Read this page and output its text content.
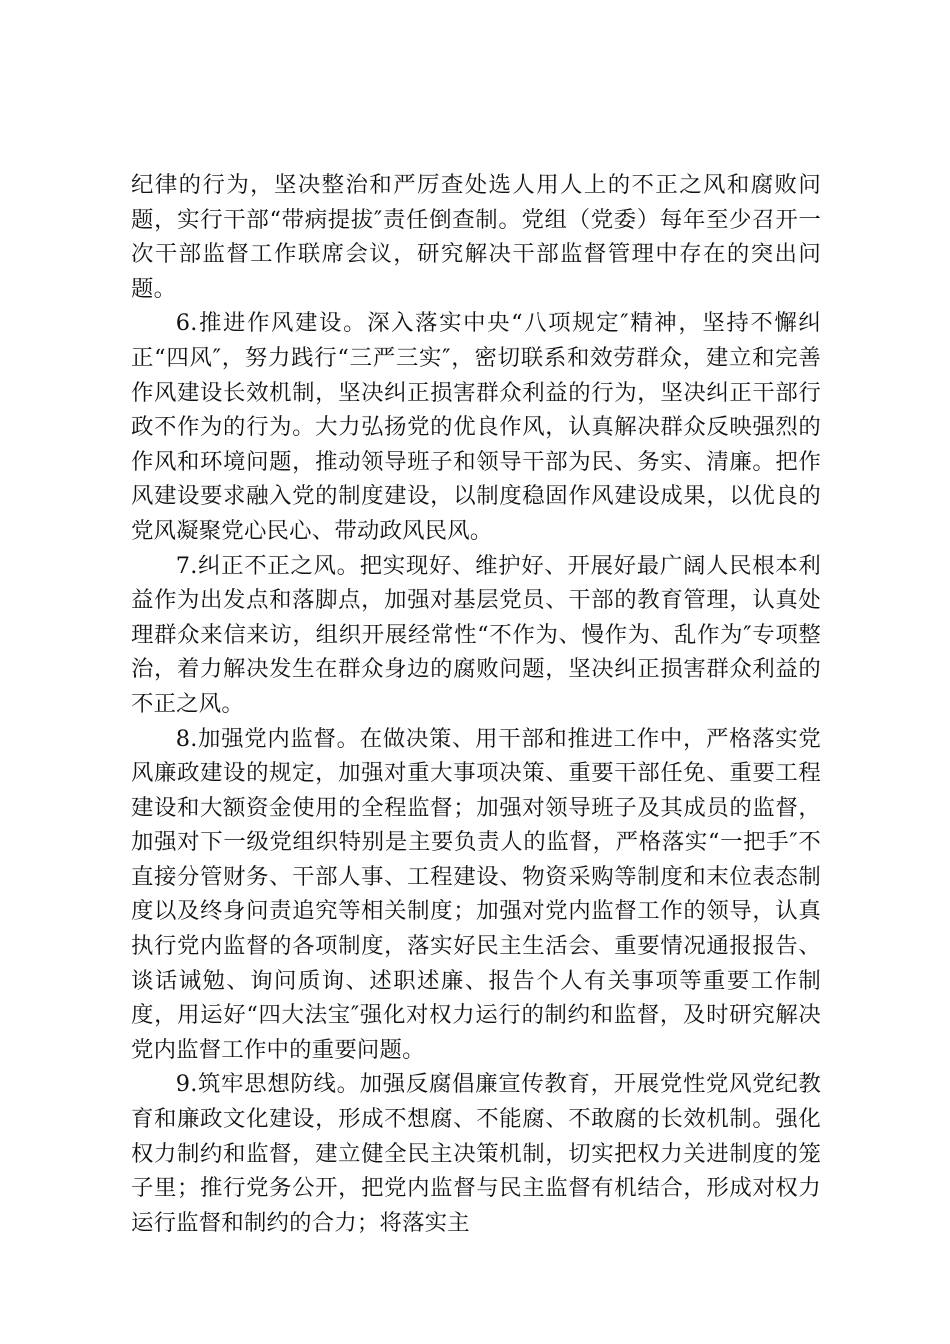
纪律的行为，坚决整治和严厉查处选人用人上的不正之风和腐败问题，实行干部“带病提拔″责任倒查制。党组（党委）每年至少召开一次干部监督工作联席会议，研究解决干部监督管理中存在的突出问题。

6.推进作风建设。深入落实中央“八项规定″精神，坚持不懈纠正“四风″，努力践行“三严三实″，密切联系和效劳群众，建立和完善作风建设长效机制，坚决纠正损害群众利益的行为，坚决纠正干部行政不作为的行为。大力弘扬党的优良作风，认真解决群众反映强烈的作风和环境问题，推动领导班子和领导干部为民、务实、清廉。把作风建设要求融入党的制度建设，以制度稳固作风建设成果，以优良的党风凝聚党心民心、带动政风民风。

7.纠正不正之风。把实现好、维护好、开展好最广阔人民根本利益作为出发点和落脚点，加强对基层党员、干部的教育管理，认真处理群众来信来访，组织开展经常性“不作为、慢作为、乱作为″专项整治，着力解决发生在群众身边的腐败问题，坚决纠正损害群众利益的不正之风。

8.加强党内监督。在做决策、用干部和推进工作中，严格落实党风廉政建设的规定，加强对重大事项决策、重要干部任免、重要工程建设和大额资金使用的全程监督；加强对领导班子及其成员的监督，加强对下一级党组织特别是主要负责人的监督，严格落实“一把手″不直接分管财务、干部人事、工程建设、物资采购等制度和末位表态制度以及终身问责追究等相关制度；加强对党内监督工作的领导，认真执行党内监督的各项制度，落实好民主生活会、重要情况通报报告、谈话诫勉、询问质询、述职述廉、报告个人有关事项等重要工作制度，用运好“四大法宝″强化对权力运行的制约和监督，及时研究解决党内监督工作中的重要问题。

9.筑牢思想防线。加强反腐倡廉宣传教育，开展党性党风党纪教育和廉政文化建设，形成不想腐、不能腐、不敢腐的长效机制。强化权力制约和监督，建立健全民主决策机制，切实把权力关进制度的笼子里；推行党务公开，把党内监督与民主监督有机结合，形成对权力运行监督和制约的合力；将落实主
